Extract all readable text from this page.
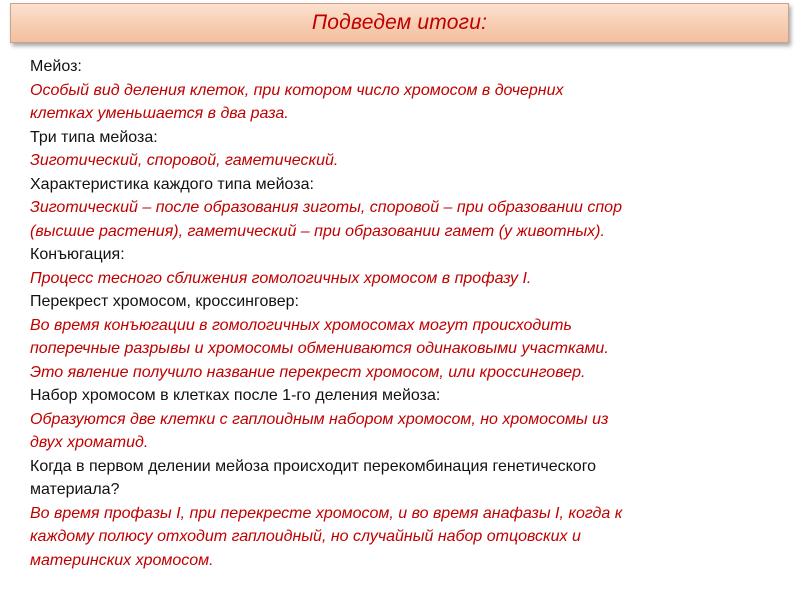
Подведем итоги:
Мейоз:
Особый вид деления клеток, при котором число хромосом в дочерних
клетках уменьшается в два раза.
Три типа мейоза:
Зиготический, споровой, гаметический.
Характеристика каждого типа мейоза:
Зиготический – после образования зиготы, споровой – при образовании спор
(высшие растения), гаметический – при образовании гамет (у животных).
Конъюгация:
Процесс тесного сближения гомологичных хромосом в профазу I.
Перекрест хромосом, кроссинговер:
Во время конъюгации в гомологичных хромосомах могут происходить
поперечные разрывы и хромосомы обмениваются одинаковыми участками.
Это явление получило название перекрест хромосом, или кроссинговер.
Набор хромосом в клетках после 1-го деления мейоза:
Образуются две клетки с гаплоидным набором хромосом, но хромосомы из
двух хроматид.
Когда в первом делении мейоза происходит перекомбинация генетического
материала?
Во время профазы I, при перекресте хромосом, и во время анафазы I, когда к
каждому полюсу отходит гаплоидный, но случайный набор отцовских и
материнских хромосом.
